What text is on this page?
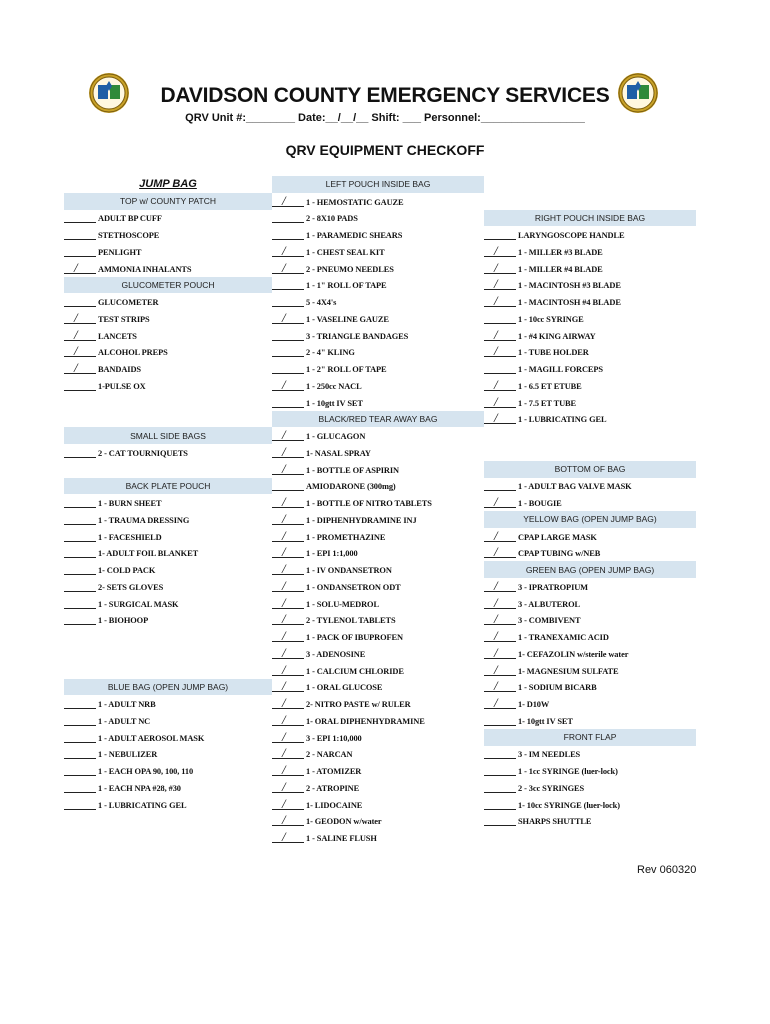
DAVIDSON COUNTY EMERGENCY SERVICES
QRV Unit #:________ Date:__/__/__ Shift: ___ Personnel:_________________
QRV EQUIPMENT CHECKOFF
JUMP BAG
TOP w/ COUNTY PATCH
ADULT BP CUFF
STETHOSCOPE
PENLIGHT
/ AMMONIA INHALANTS
GLUCOMETER POUCH
GLUCOMETER
/ TEST STRIPS
/ LANCETS
/ ALCOHOL PREPS
/ BANDAIDS
1-PULSE OX
SMALL SIDE BAGS
2 - CAT TOURNIQUETS
BACK PLATE POUCH
1 - BURN SHEET
1 - TRAUMA DRESSING
1 - FACESHIELD
1- ADULT FOIL BLANKET
1- COLD PACK
2- SETS GLOVES
1 - SURGICAL MASK
1 - BIOHOOP
BLUE BAG (OPEN JUMP BAG)
1 - ADULT NRB
1 - ADULT NC
1 - ADULT AEROSOL MASK
1 - NEBULIZER
1 - EACH OPA 90, 100, 110
1 - EACH NPA #28, #30
1 - LUBRICATING GEL
LEFT POUCH INSIDE BAG
/ 1 - HEMOSTATIC GAUZE
2 - 8X10 PADS
1 - PARAMEDIC SHEARS
/ 1 - CHEST SEAL KIT
/ 2 - PNEUMO NEEDLES
1 - 1" ROLL OF TAPE
5 - 4X4's
/ 1 - VASELINE GAUZE
3 - TRIANGLE BANDAGES
2 - 4" KLING
1 - 2" ROLL OF TAPE
/ 1 - 250cc NACL
1 - 10gtt IV SET
BLACK/RED TEAR AWAY BAG
/ 1 - GLUCAGON
/ 1- NASAL SPRAY
/ 1 - BOTTLE OF ASPIRIN
AMIODARONE (300mg)
/ 1 - BOTTLE OF NITRO TABLETS
/ 1 - DIPHENHYDRAMINE INJ
/ 1 - PROMETHAZINE
/ 1 - EPI 1:1,000
/ 1 - IV ONDANSETRON
/ 1 - ONDANSETRON ODT
/ 1 - SOLU-MEDROL
/ 2 - TYLENOL TABLETS
/ 1 - PACK OF IBUPROFEN
/ 3 - ADENOSINE
/ 1 - CALCIUM CHLORIDE
/ 1 - ORAL GLUCOSE
/ 2- NITRO PASTE w/ RULER
/ 1- ORAL DIPHENHYDRAMINE
/ 3 - EPI 1:10,000
/ 2 - NARCAN
/ 1 - ATOMIZER
/ 2 - ATROPINE
/ 1- LIDOCAINE
/ 1- GEODON w/water
/ 1 - SALINE FLUSH
RIGHT POUCH INSIDE BAG
LARYNGOSCOPE HANDLE
/ 1 - MILLER #3 BLADE
/ 1 - MILLER #4 BLADE
/ 1 - MACINTOSH #3 BLADE
/ 1 - MACINTOSH #4 BLADE
1 - 10cc SYRINGE
/ 1 - #4 KING AIRWAY
/ 1 - TUBE HOLDER
1 - MAGILL FORCEPS
/ 1 - 6.5 ET ETUBE
/ 1 - 7.5 ET TUBE
/ 1 - LUBRICATING GEL
BOTTOM OF BAG
1 - ADULT BAG VALVE MASK
/ 1 - BOUGIE
YELLOW BAG (OPEN JUMP BAG)
/ CPAP LARGE MASK
/ CPAP TUBING w/NEB
GREEN BAG (OPEN JUMP BAG)
/ 3 - IPRATROPIUM
/ 3 - ALBUTEROL
/ 3 - COMBIVENT
/ 1 - TRANEXAMIC ACID
/ 1- CEFAZOLIN w/sterile water
/ 1- MAGNESIUM SULFATE
/ 1 - SODIUM BICARB
/ 1- D10W
1- 10gtt IV SET
FRONT FLAP
3 - IM NEEDLES
1 - 1cc SYRINGE (luer-lock)
2 - 3cc SYRINGES
1- 10cc SYRINGE (luer-lock)
SHARPS SHUTTLE
Rev 060320
